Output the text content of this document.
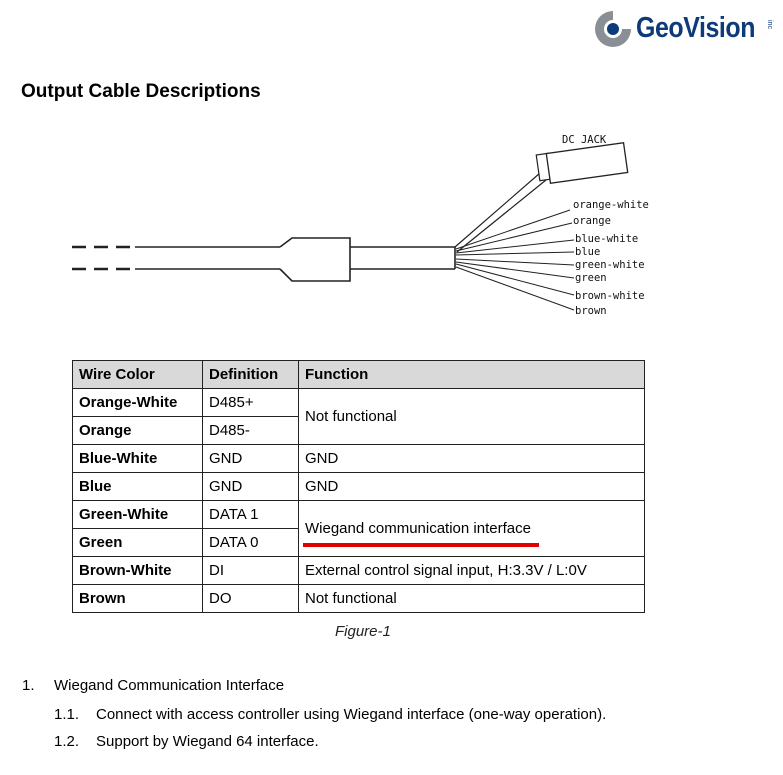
GeoVision inc
Output Cable Descriptions
DC JACK
orange-white
orange
blue-white
blue
green-white
green
brown-white
brown
Wire Color	Definition	Function
Orange-White	D485+	Not functional
Orange	D485-	
Blue-White	GND	GND
Blue	GND	GND
Green-White	DATA 1	Wiegand communication interface

Green	DATA 0	
Brown-White	DI	External control signal input, H:3.3V / L:0V
Brown	DO	Not functional
Figure-1
1. Wiegand Communication Interface
1.1. Connect with access controller using Wiegand interface (one-way operation).
1.2. Support by Wiegand 64 interface.
